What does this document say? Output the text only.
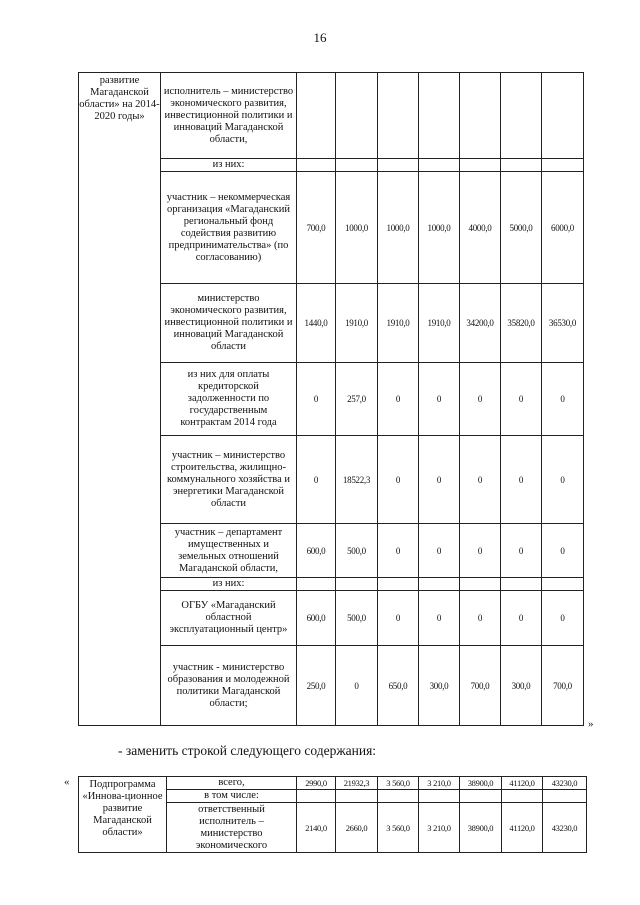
16
развитие Магаданской области» на 2014-2020 годы»	исполнитель – министерство экономического развития, инвестиционной политики и инноваций Магаданской области,							
	из них:							
	участник – некоммерческая организация «Магаданский региональный фонд содействия развитию предпринимательства» (по согласованию)	700,0	1000,0	1000,0	1000,0	4000,0	5000,0	6000,0
	министерство экономического развития, инвестиционной политики и инноваций Магаданской области	1440,0	1910,0	1910,0	1910,0	34200,0	35820,0	36530,0
	из них для оплаты кредиторской задолженности по государственным контрактам 2014 года	0	257,0	0	0	0	0	0
	участник – министерство строительства, жилищно-коммунального хозяйства и энергетики Магаданской области	0	18522,3	0	0	0	0	0
	участник – департамент имущественных и земельных отношений Магаданской области,	600,0	500,0	0	0	0	0	0
	из них:							
	ОГБУ «Магаданский областной эксплуатационный центр»	600,0	500,0	0	0	0	0	0
	участник - министерство образования и молодежной политики Магаданской области;	250,0	0	650,0	300,0	700,0	300,0	700,0
»
- заменить строкой следующего содержания:
« Подпрограмма «Иннова-ционное развитие Магаданской области»	всего,	2990,0	21932,3	3 560,0	3 210,0	38900,0	41120,0	43230,0
	в том числе:							
	ответственный исполнитель – министерство экономического	2140,0	2660,0	3 560,0	3 210,0	38900,0	41120,0	43230,0
